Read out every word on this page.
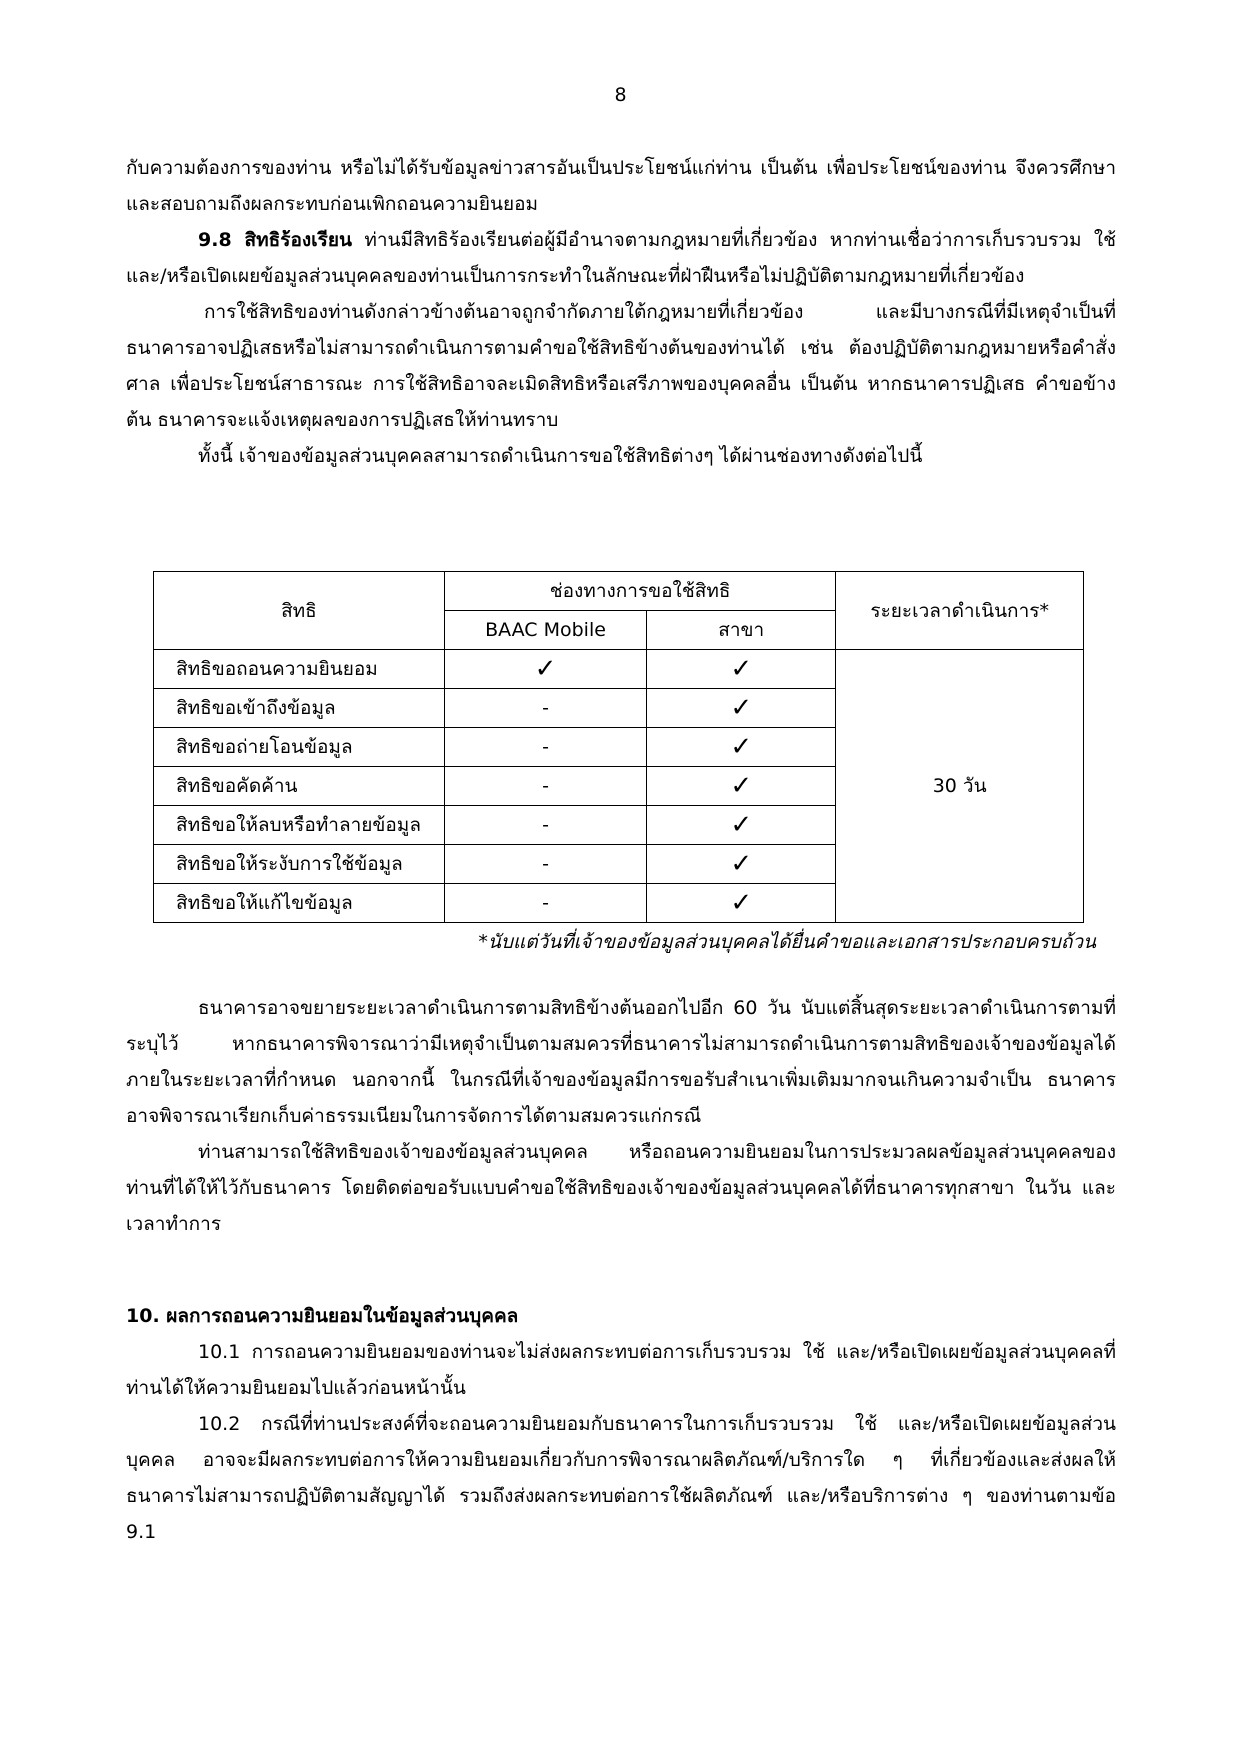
8

กับความต้องการของท่าน หรือไม่ได้รับข้อมูลข่าวสารอันเป็นประโยชน์แก่ท่าน เป็นต้น เพื่อประโยชน์ของท่าน จึงควรศึกษาและสอบถามถึงผลกระทบก่อนเพิกถอนความยินยอม

9.8 สิทธิร้องเรียน ท่านมีสิทธิร้องเรียนต่อผู้มีอำนาจตามกฎหมายที่เกี่ยวข้อง หากท่านเชื่อว่าการเก็บรวบรวม ใช้ และ/หรือเปิดเผยข้อมูลส่วนบุคคลของท่านเป็นการกระทำในลักษณะที่ฝ่าฝืนหรือไม่ปฏิบัติตามกฎหมายที่เกี่ยวข้อง

การใช้สิทธิของท่านดังกล่าวข้างต้นอาจถูกจำกัดภายใต้กฎหมายที่เกี่ยวข้อง และมีบางกรณีที่มีเหตุจำเป็นที่ธนาคารอาจปฏิเสธหรือไม่สามารถดำเนินการตามคำขอใช้สิทธิข้างต้นของท่านได้ เช่น ต้องปฏิบัติตามกฎหมายหรือคำสั่งศาล เพื่อประโยชน์สาธารณะ การใช้สิทธิอาจละเมิดสิทธิหรือเสรีภาพของบุคคลอื่น เป็นต้น หากธนาคารปฏิเสธ คำขอข้างต้น ธนาคารจะแจ้งเหตุผลของการปฏิเสธให้ท่านทราบ

ทั้งนี้ เจ้าของข้อมูลส่วนบุคคลสามารถดำเนินการขอใช้สิทธิต่างๆ ได้ผ่านช่องทางดังต่อไปนี้

สิทธิ	ช่องทางการขอใช้สิทธิ		ระยะเวลาดำเนินการ*
	BAAC Mobile	สาขา	
สิทธิขอถอนความยินยอม	✓	✓	30 วัน
สิทธิขอเข้าถึงข้อมูล	-	✓	
สิทธิขอถ่ายโอนข้อมูล	-	✓	
สิทธิขอคัดค้าน	-	✓	
สิทธิขอให้ลบหรือทำลายข้อมูล	-	✓	
สิทธิขอให้ระงับการใช้ข้อมูล	-	✓	
สิทธิขอให้แก้ไขข้อมูล	-	✓	
*นับแต่วันที่เจ้าของข้อมูลส่วนบุคคลได้ยื่นคำขอและเอกสารประกอบครบถ้วน

ธนาคารอาจขยายระยะเวลาดำเนินการตามสิทธิข้างต้นออกไปอีก 60 วัน นับแต่สิ้นสุดระยะเวลาดำเนินการตามที่ระบุไว้ หากธนาคารพิจารณาว่ามีเหตุจำเป็นตามสมควรที่ธนาคารไม่สามารถดำเนินการตามสิทธิของเจ้าของข้อมูลได้ภายในระยะเวลาที่กำหนด นอกจากนี้ ในกรณีที่เจ้าของข้อมูลมีการขอรับสำเนาเพิ่มเติมมากจนเกินความจำเป็น ธนาคารอาจพิจารณาเรียกเก็บค่าธรรมเนียมในการจัดการได้ตามสมควรแก่กรณี

ท่านสามารถใช้สิทธิของเจ้าของข้อมูลส่วนบุคคล หรือถอนความยินยอมในการประมวลผลข้อมูลส่วนบุคคลของท่านที่ได้ให้ไว้กับธนาคาร โดยติดต่อขอรับแบบคำขอใช้สิทธิของเจ้าของข้อมูลส่วนบุคคลได้ที่ธนาคารทุกสาขา ในวัน และเวลาทำการ

10. ผลการถอนความยินยอมในข้อมูลส่วนบุคคล

10.1 การถอนความยินยอมของท่านจะไม่ส่งผลกระทบต่อการเก็บรวบรวม ใช้ และ/หรือเปิดเผยข้อมูลส่วนบุคคลที่ท่านได้ให้ความยินยอมไปแล้วก่อนหน้านั้น

10.2 กรณีที่ท่านประสงค์ที่จะถอนความยินยอมกับธนาคารในการเก็บรวบรวม ใช้ และ/หรือเปิดเผยข้อมูลส่วนบุคคล อาจจะมีผลกระทบต่อการให้ความยินยอมเกี่ยวกับการพิจารณาผลิตภัณฑ์/บริการใด ๆ ที่เกี่ยวข้องและส่งผลให้ธนาคารไม่สามารถปฏิบัติตามสัญญาได้ รวมถึงส่งผลกระทบต่อการใช้ผลิตภัณฑ์ และ/หรือบริการต่าง ๆ ของท่านตามข้อ 9.1
